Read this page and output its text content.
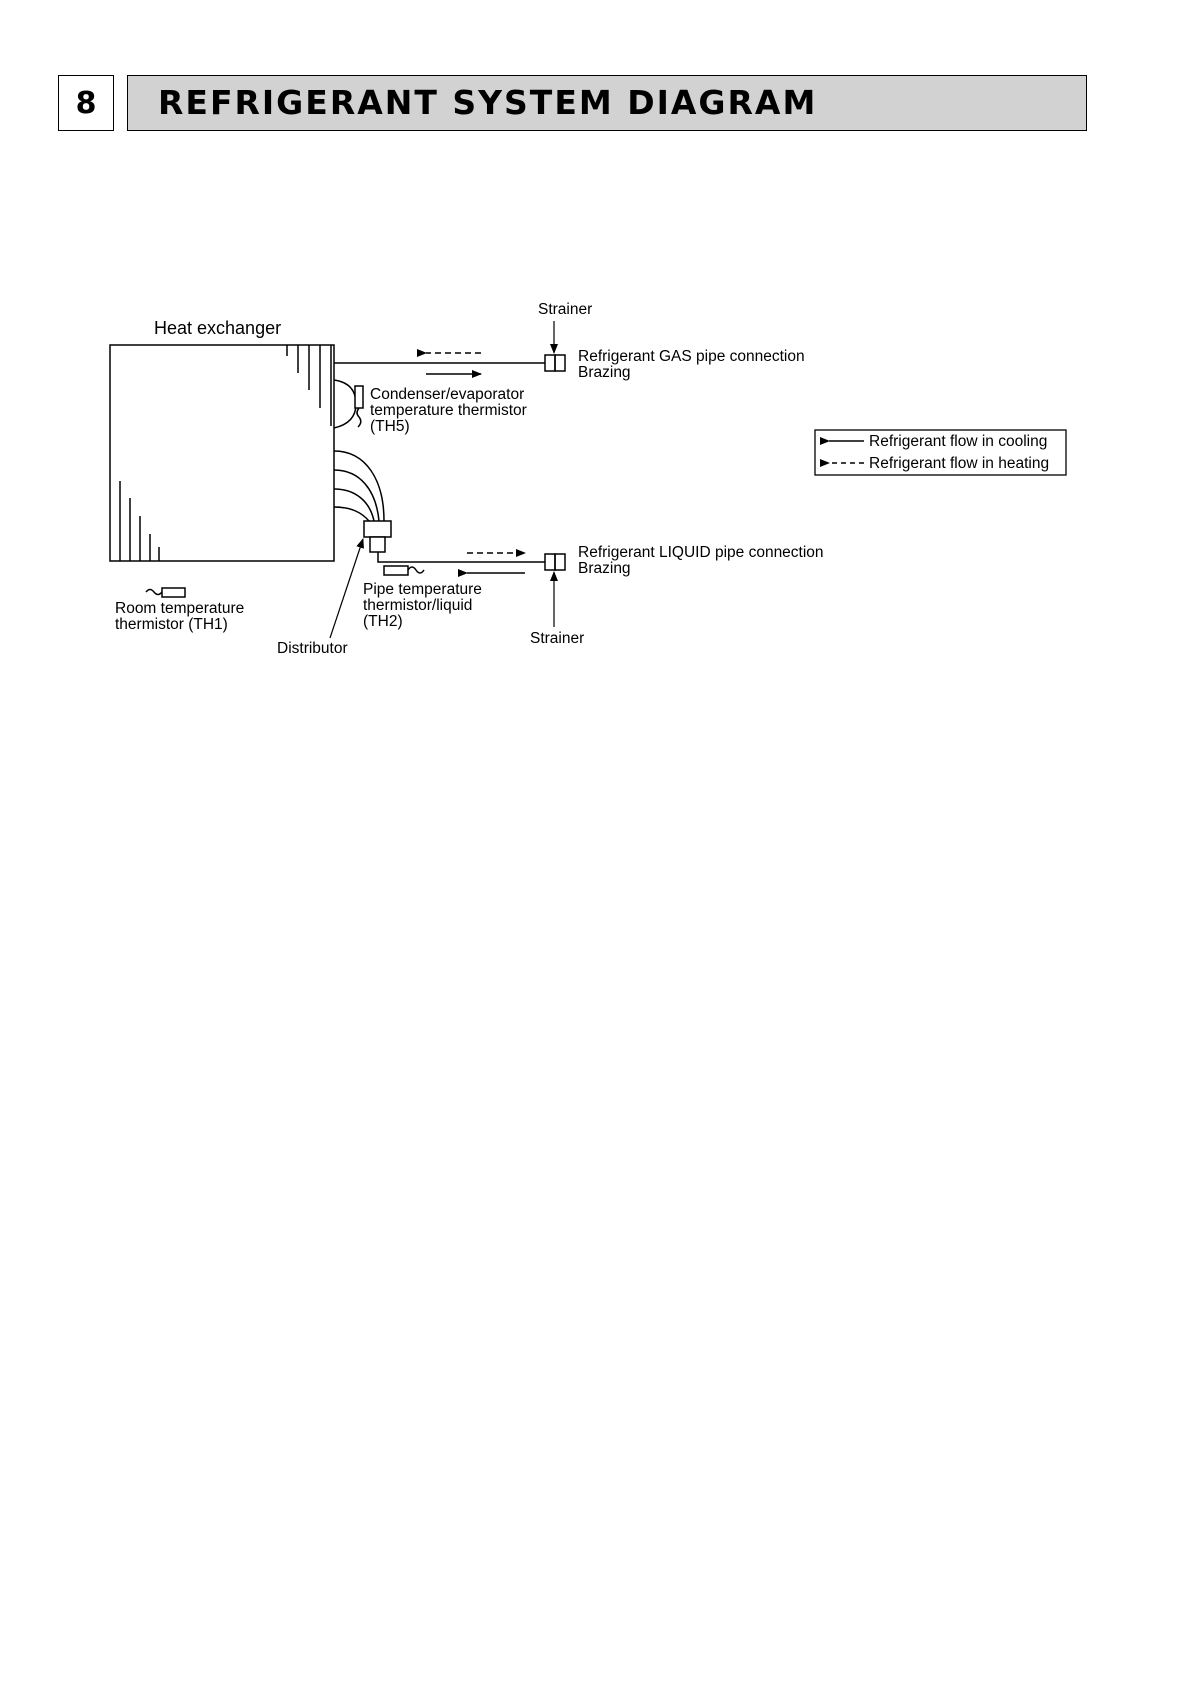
8	REFRIGERANT SYSTEM DIAGRAM
Heat exchanger
Strainer
Refrigerant GAS pipe connection
Brazing
Condenser/evaporator
temperature thermistor
(TH5)
Refrigerant flow in cooling
Refrigerant flow in heating
Distributor
Strainer
Refrigerant LIQUID pipe connection
Brazing
Pipe temperature
thermistor/liquid
(TH2)
Room temperature
thermistor (TH1)
